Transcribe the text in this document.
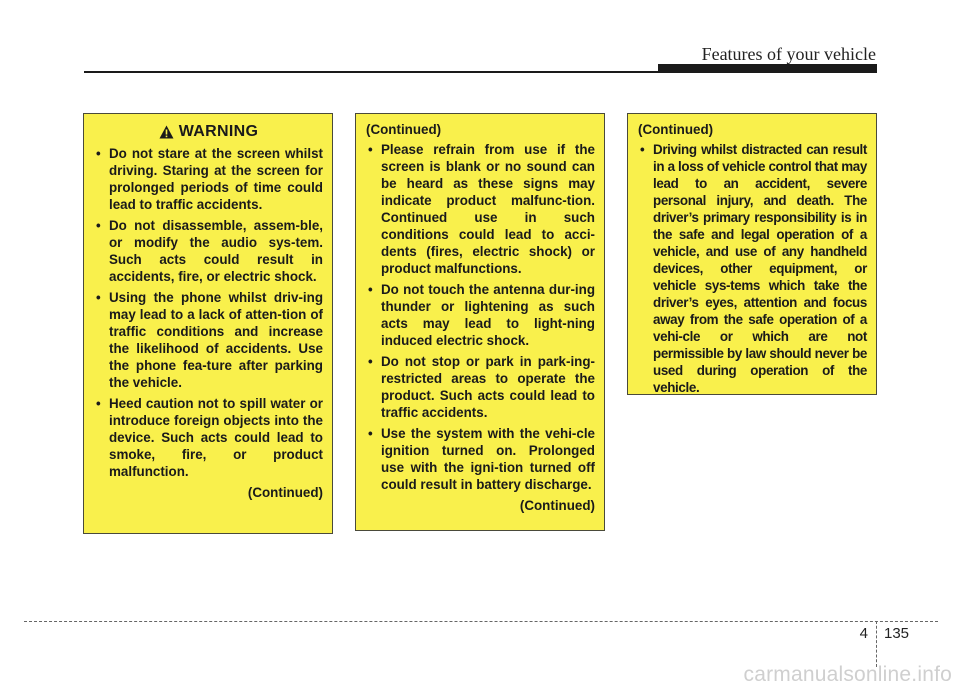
Features of your vehicle
WARNING
• Do not stare at the screen whilst driving. Staring at the screen for prolonged periods of time could lead to traffic accidents.
• Do not disassemble, assem-ble, or modify the audio sys-tem. Such acts could result in accidents, fire, or electric shock.
• Using the phone whilst driv-ing may lead to a lack of atten-tion of traffic conditions and increase the likelihood of accidents. Use the phone fea-ture after parking the vehicle.
• Heed caution not to spill water or introduce foreign objects into the device. Such acts could lead to smoke, fire, or product malfunction.
(Continued)
(Continued)
• Please refrain from use if the screen is blank or no sound can be heard as these signs may indicate product malfunc-tion. Continued use in such conditions could lead to acci-dents (fires, electric shock) or product malfunctions.
• Do not touch the antenna dur-ing thunder or lightening as such acts may lead to light-ning induced electric shock.
• Do not stop or park in park-ing-restricted areas to operate the product. Such acts could lead to traffic accidents.
• Use the system with the vehi-cle ignition turned on. Prolonged use with the igni-tion turned off could result in battery discharge.
(Continued)
(Continued)
• Driving whilst distracted can result in a loss of vehicle control that may lead to an accident, severe personal injury, and death. The driver’s primary responsibility is in the safe and legal operation of a vehicle, and use of any handheld devices, other equipment, or vehicle sys-tems which take the driver’s eyes, attention and focus away from the safe operation of a vehi-cle or which are not permissible by law should never be used during operation of the vehicle.
4 135
carmanualsonline.info
